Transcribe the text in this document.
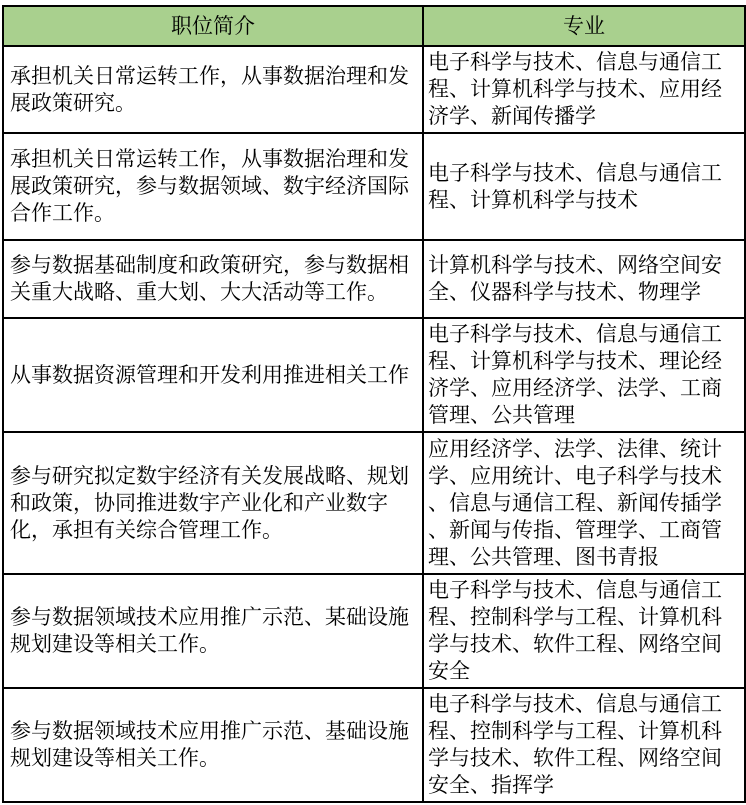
职位简介	专业
承担机关日常运转工作，从事数据治理和发展政策研究。	电子科学与技术、信息与通信工程、计算机科学与技术、应用经济学、新闻传播学
承担机关日常运转工作，从事数据治理和发展政策研究，参与数据领域、数宇经济国际合作工作。	电子科学与技术、信息与通信工程、计算机科学与技术
参与数据基础制度和政策研究，参与数据相关重大战略、重大划、大大活动等工作。	计算机科学与技术、网络空间安全、仪器科学与技术、物理学
从事数据资源管理和开发利用推进相关工作	电子科学与技术、信息与通信工程、计算机科学与技术、理论经济学、应用经济学、法学、工商管理、公共管理
参与研究拟定数宇经济有关发展战略、规划和政策，协同推进数宇产业化和产业数字化，承担有关综合管理工作。	应用经济学、法学、法律、统计学、应用统计、电子科学与技术、信息与通信工程、新闻传插学、新闻与传指、管理学、工商管理、公共管理、图书青报
参与数据领域技术应用推广示范、某础设施规划建设等相关工作。	电子科学与技术、信息与通信工程、控制科学与工程、计算机科学与技术、软件工程、网络空间安全
参与数据领域技术应用推广示范、基础设施规划建设等相关工作。	电子科学与技术、信息与通信工程、控制科学与工程、计算机科学与技术、软件工程、网络空间安全、指挥学
